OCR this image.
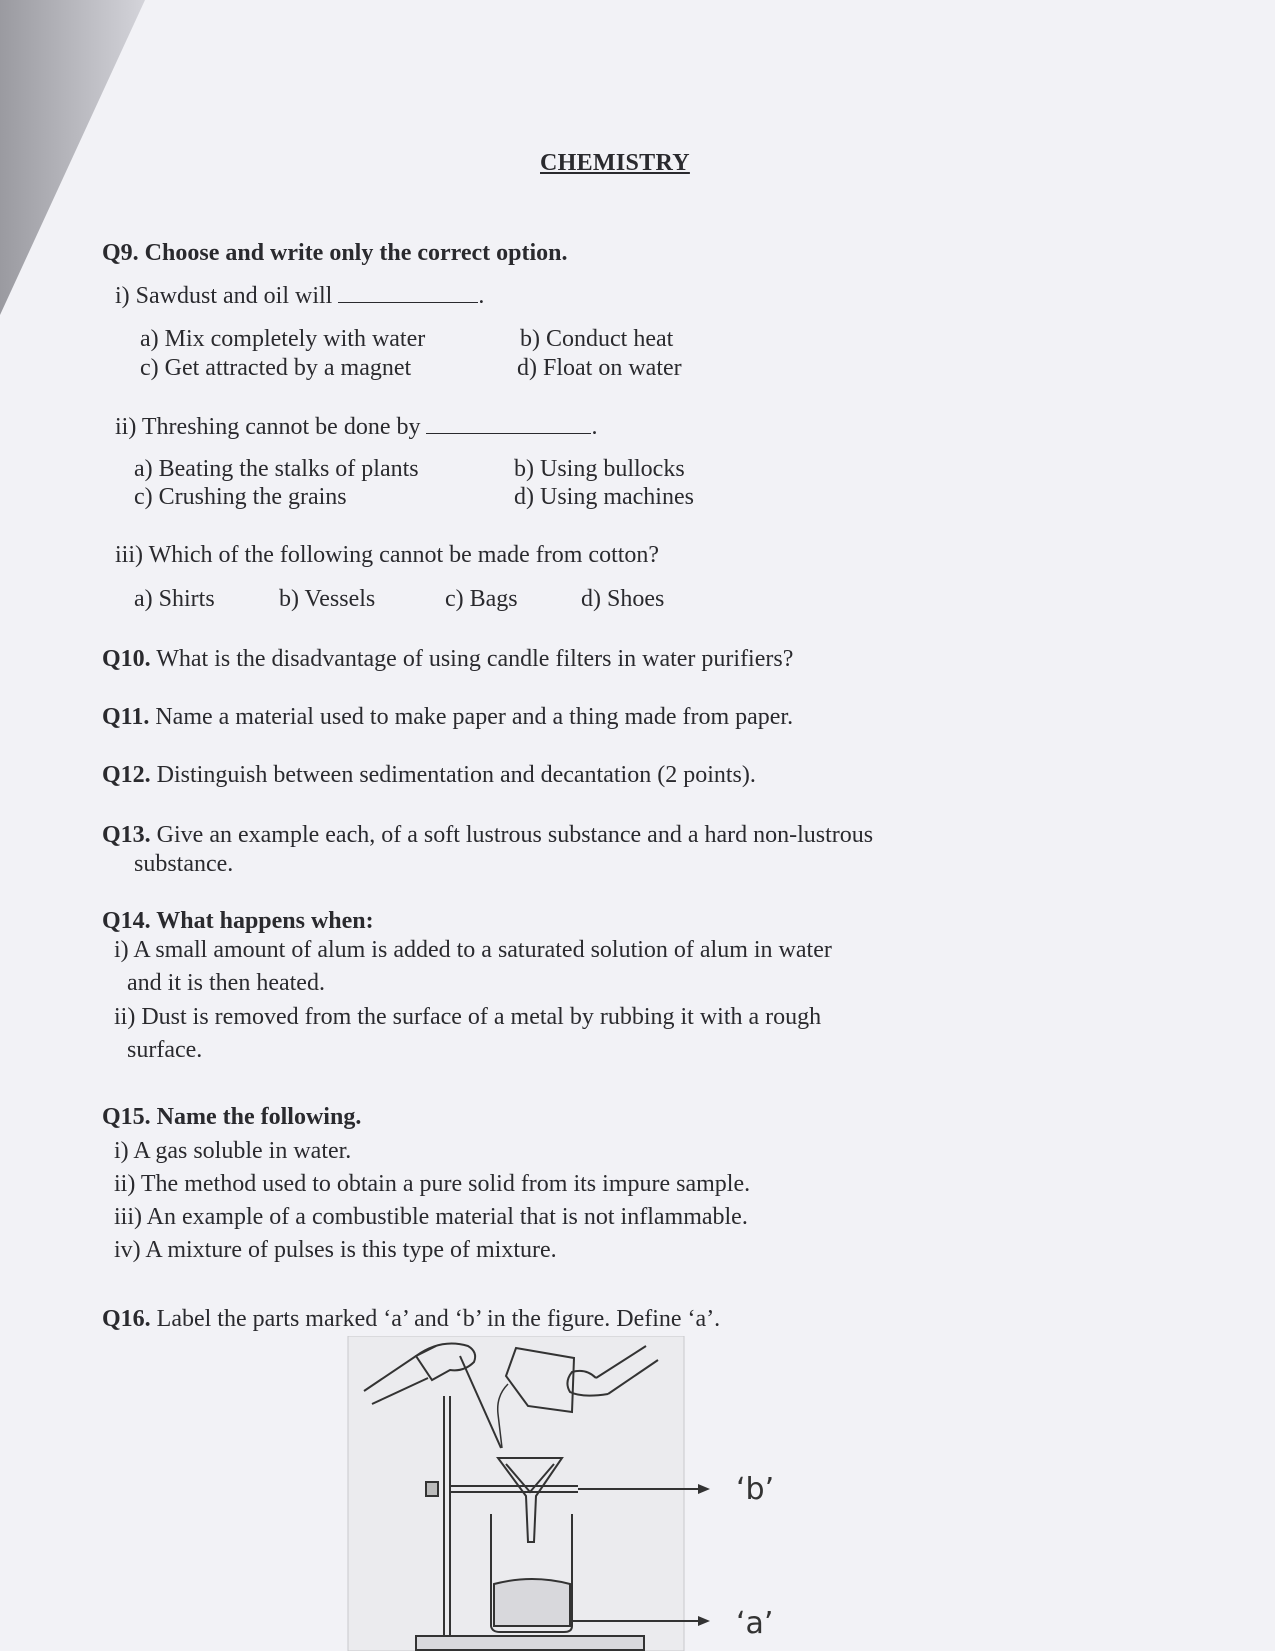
CHEMISTRY
Q9. Choose and write only the correct option.
i) Sawdust and oil will	.
a) Mix completely with water	b) Conduct heat
c) Get attracted by a magnet	d) Float on water
ii) Threshing cannot be done by	.
a) Beating the stalks of plants	b) Using bullocks
c) Crushing the grains	d) Using machines
iii) Which of the following cannot be made from cotton?
a) Shirts	b) Vessels	c) Bags	d) Shoes
Q10. What is the disadvantage of using candle filters in water purifiers?
Q11. Name a material used to make paper and a thing made from paper.
Q12. Distinguish between sedimentation and decantation (2 points).
Q13. Give an example each, of a soft lustrous substance and a hard non-lustrous
substance.
Q14. What happens when:
i) A small amount of alum is added to a saturated solution of alum in water
and it is then heated.
ii) Dust is removed from the surface of a metal by rubbing it with a rough
surface.
Q15. Name the following.
i) A gas soluble in water.
ii) The method used to obtain a pure solid from its impure sample.
iii) An example of a combustible material that is not inflammable.
iv) A mixture of pulses is this type of mixture.
Q16. Label the parts marked ‘a’ and ‘b’ in the figure. Define ‘a’.
‘b’
‘a’
